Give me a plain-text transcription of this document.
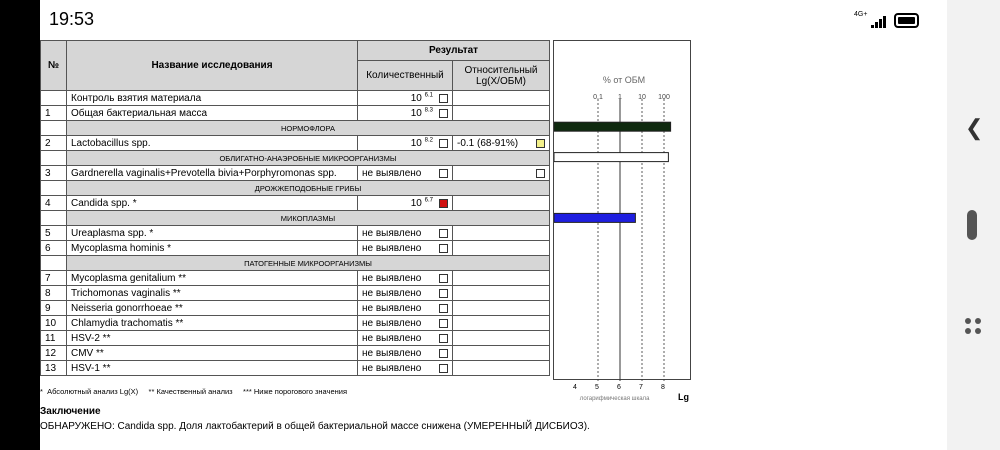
19:53	4G+
№	Название исследования	Результат	
		Количественный	Относительный
Lg(X/ОБМ)
	Контроль взятия материала	10 $^{6.1}$	
1	Общая бактериальная масса	10 $^{8.3}$	
	НОРМОФЛОРА		
2	Lactobacillus spp.	10 $^{8.2}$	-0.1 (68-91%)

	ОБЛИГАТНО-АНАЭРОБНЫЕ МИКРООРГАНИЗМЫ		
3	Gardnerella vaginalis+Prevotella bivia+Porphyromonas spp.	не выявлено

	ДРОЖЖЕПОДОБНЫЕ ГРИБЫ		
4	Candida spp. *	10 $^{6.7}$	
	МИКОПЛАЗМЫ		
5	Ureaplasma spp. *	не выявлено

6	Mycoplasma hominis *	не выявлено

	ПАТОГЕННЫЕ МИКРООРГАНИЗМЫ		
7	Mycoplasma genitalium **	не выявлено

8	Trichomonas vaginalis **	не выявлено

9	Neisseria gonorrhoeae **	не выявлено

10	Chlamydia trachomatis **	не выявлено

11	HSV-2 **	не выявлено

12	CMV **	не выявлено

13	HSV-1 **	не выявлено

% от ОБМ
0.1 1 10 100
4	5	6	7	8
логарифмическая шкала	Lg
*  Абсолютный анализ Lg(X)     ** Качественный анализ     *** Ниже порогового значения
Заключение
ОБНАРУЖЕНО: Candida spp. Доля лактобактерий в общей бактериальной массе снижена (УМЕРЕННЫЙ ДИСБИОЗ).
❮
